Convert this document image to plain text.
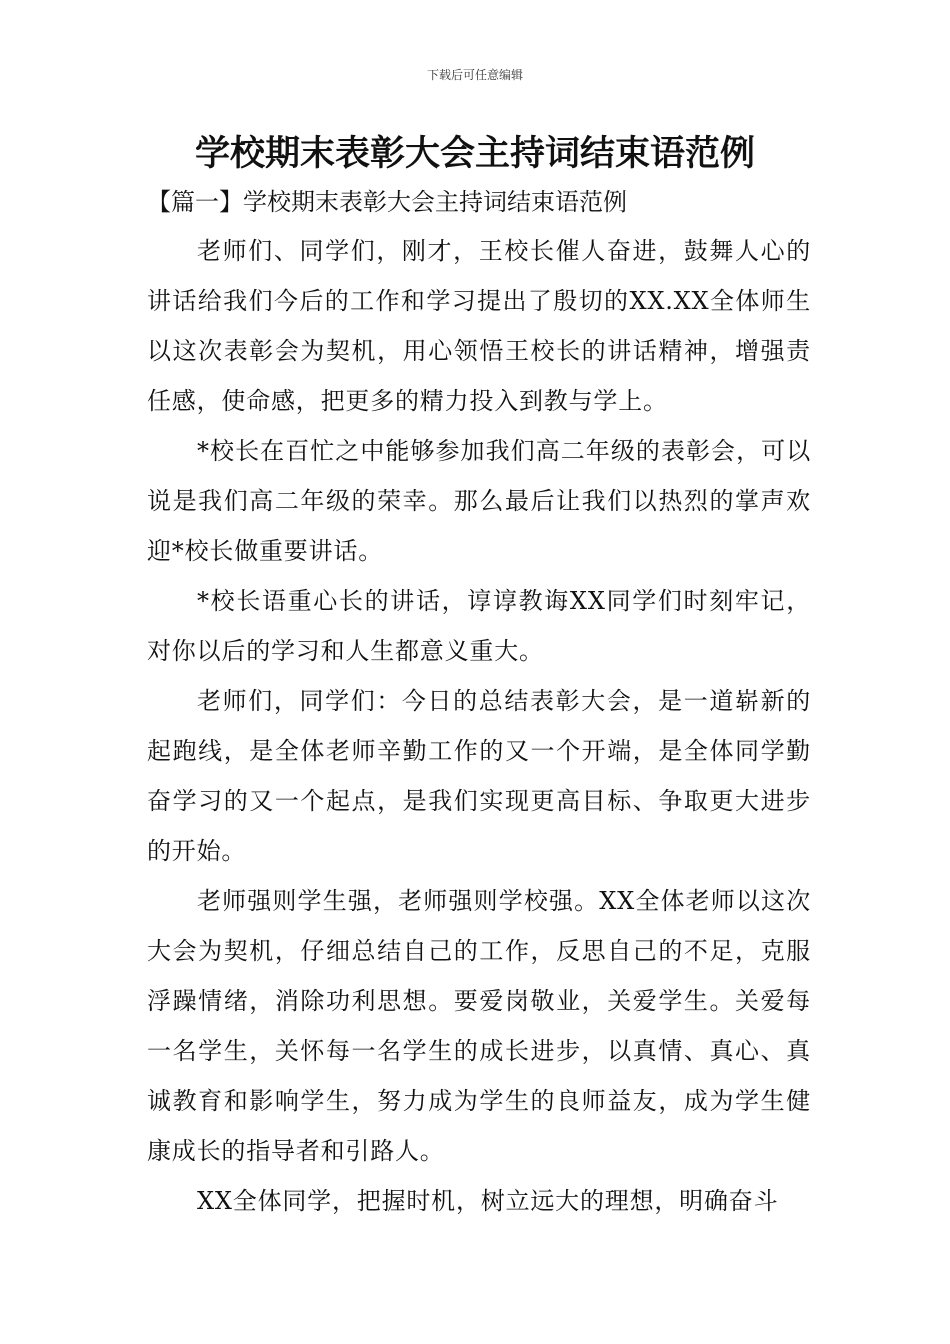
下载后可任意编辑
学校期末表彰大会主持词结束语范例
【篇一】学校期末表彰大会主持词结束语范例

老师们、同学们，刚才，王校长催人奋进，鼓舞人心的讲话给我们今后的工作和学习提出了殷切的XX.XX全体师生以这次表彰会为契机，用心领悟王校长的讲话精神，增强责任感，使命感，把更多的精力投入到教与学上。

*校长在百忙之中能够参加我们高二年级的表彰会，可以说是我们高二年级的荣幸。那么最后让我们以热烈的掌声欢迎*校长做重要讲话。

*校长语重心长的讲话，谆谆教诲XX同学们时刻牢记，对你以后的学习和人生都意义重大。

老师们，同学们：今日的总结表彰大会，是一道崭新的起跑线，是全体老师辛勤工作的又一个开端，是全体同学勤奋学习的又一个起点，是我们实现更高目标、争取更大进步的开始。

老师强则学生强，老师强则学校强。XX全体老师以这次大会为契机，仔细总结自己的工作，反思自己的不足，克服浮躁情绪，消除功利思想。要爱岗敬业，关爱学生。关爱每一名学生，关怀每一名学生的成长进步，以真情、真心、真诚教育和影响学生，努力成为学生的良师益友，成为学生健康成长的指导者和引路人。

XX全体同学，把握时机，树立远大的理想，明确奋斗
